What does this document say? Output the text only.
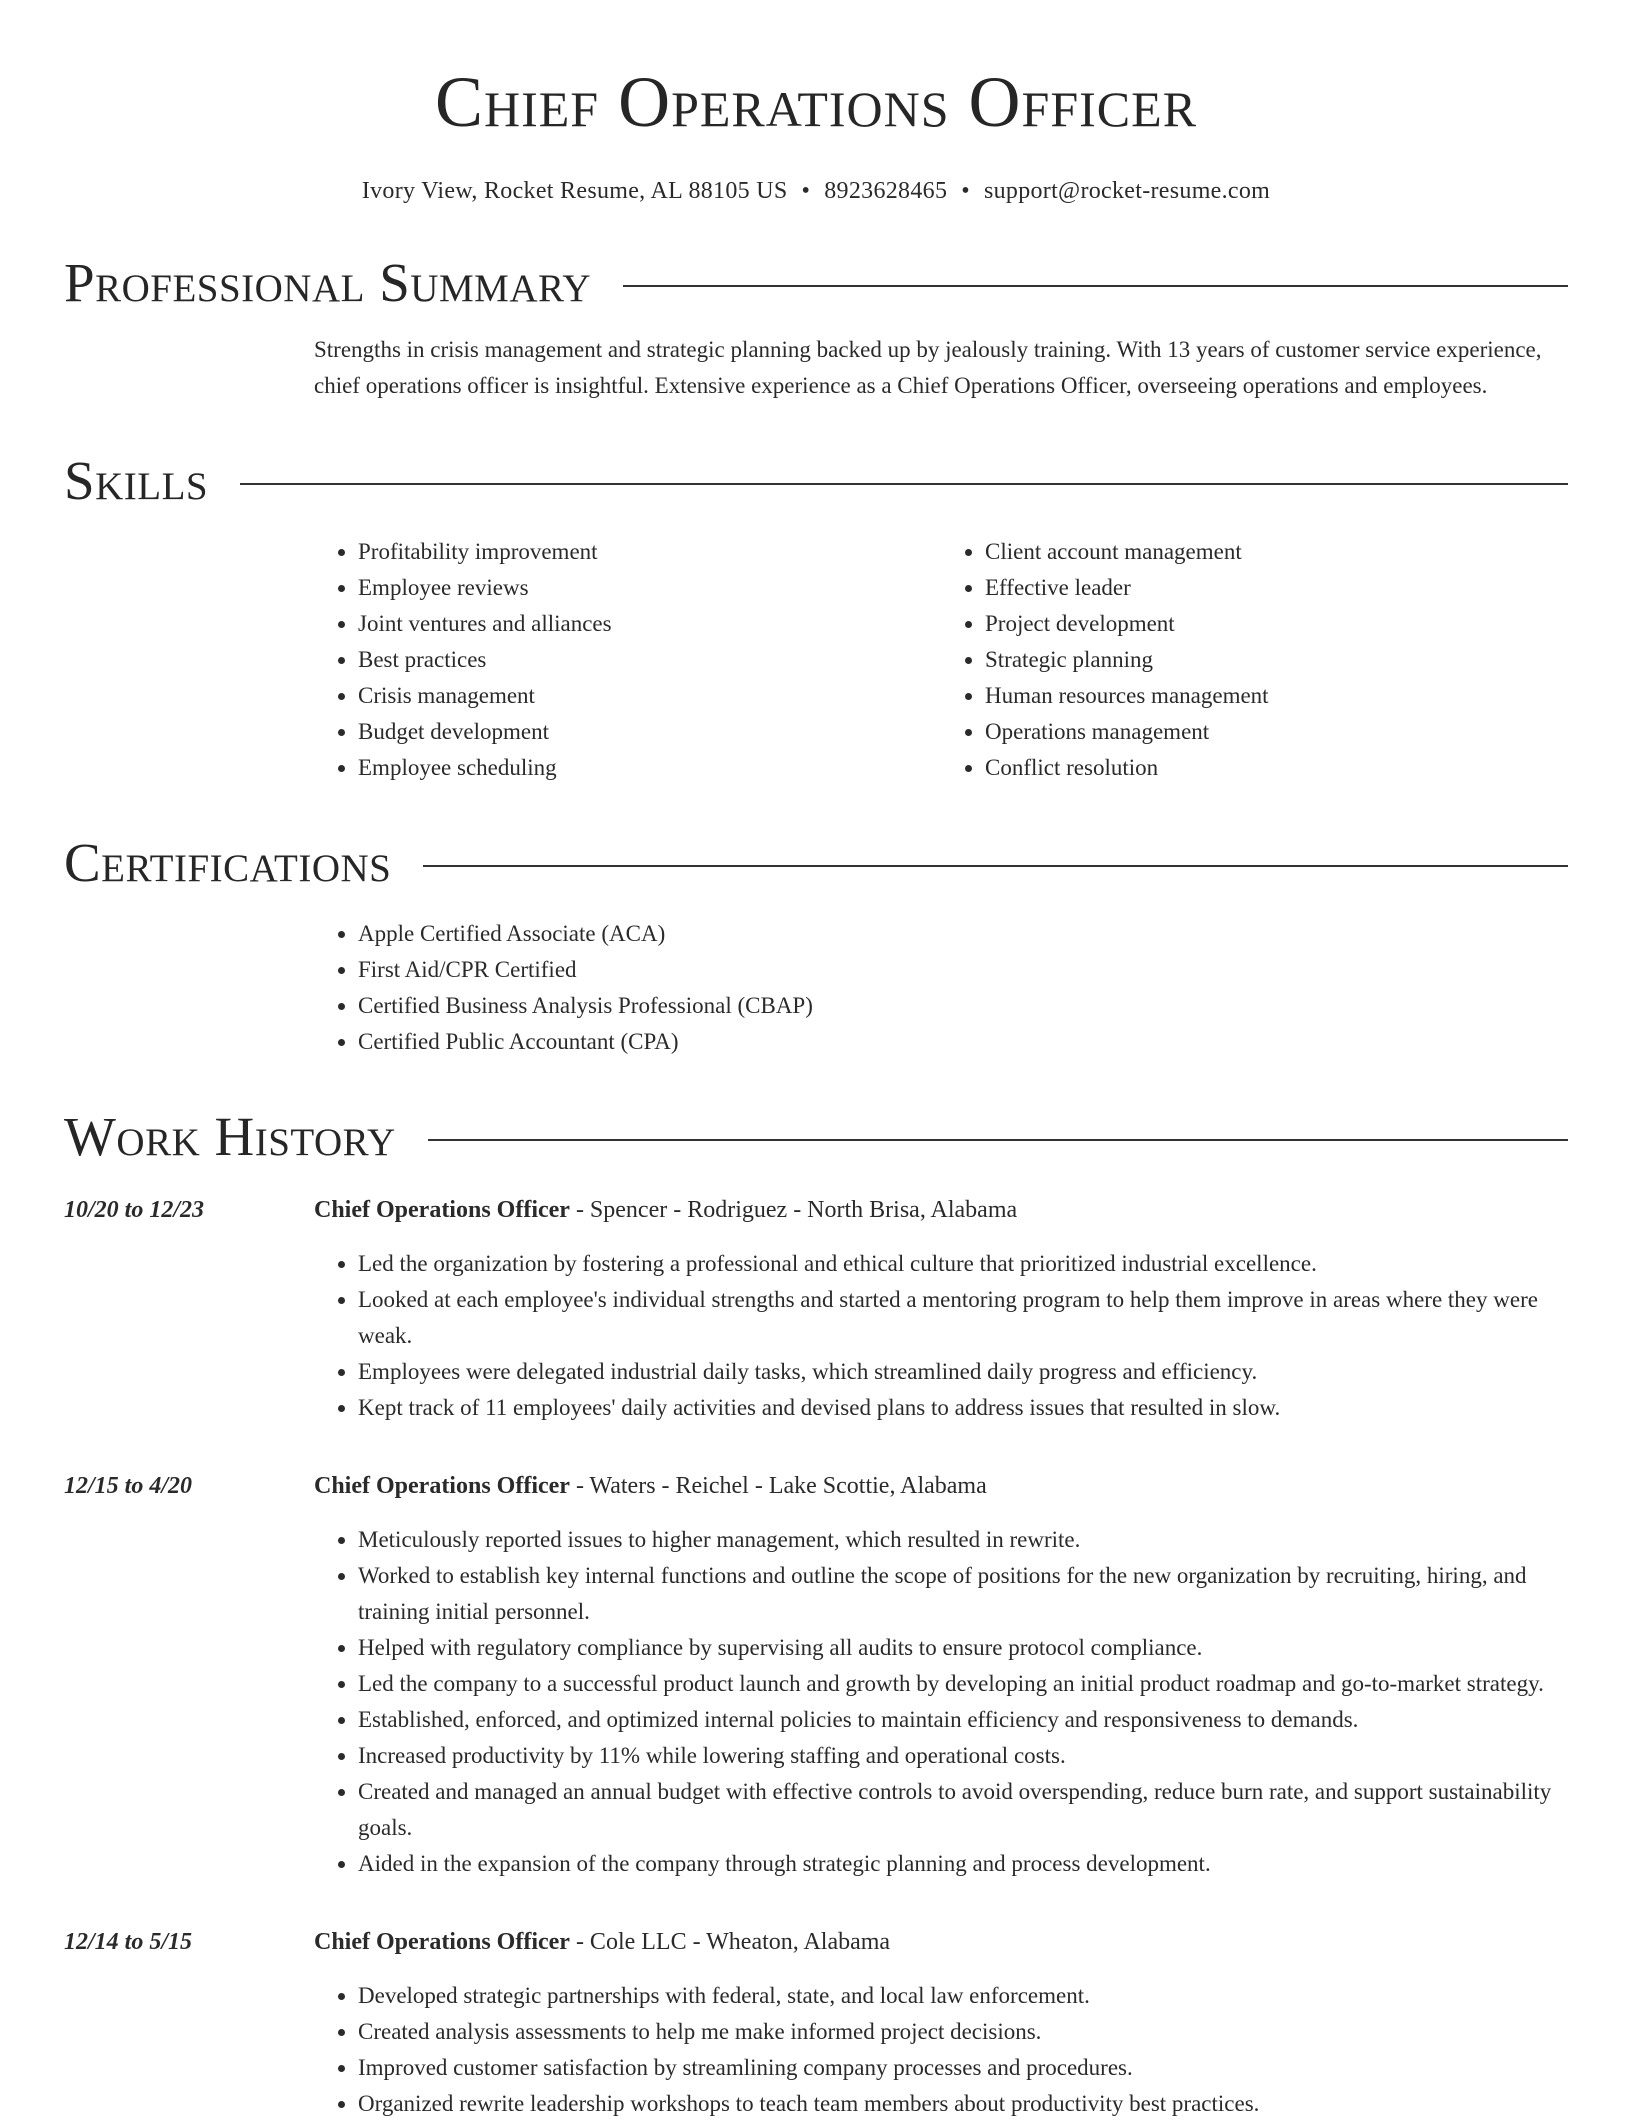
Chief Operations Officer
Ivory View, Rocket Resume, AL 88105 US • 8923628465 • support@rocket-resume.com
Professional Summary

Strengths in crisis management and strategic planning backed up by jealously training. With 13 years of customer service experience, chief operations officer is insightful. Extensive experience as a Chief Operations Officer, overseeing operations and employees.

Skills
• Profitability improvement
• Employee reviews
• Joint ventures and alliances
• Best practices
• Crisis management
• Budget development
• Employee scheduling
• Client account management
• Effective leader
• Project development
• Strategic planning
• Human resources management
• Operations management
• Conflict resolution
Certifications
• Apple Certified Associate (ACA)
• First Aid/CPR Certified
• Certified Business Analysis Professional (CBAP)
• Certified Public Accountant (CPA)
Work History
10/20 to 12/23	Chief Operations Officer - Spencer - Rodriguez - North Brisa, Alabama
• Led the organization by fostering a professional and ethical culture that prioritized industrial excellence.
• Looked at each employee's individual strengths and started a mentoring program to help them improve in areas where they were weak.
• Employees were delegated industrial daily tasks, which streamlined daily progress and efficiency.
• Kept track of 11 employees' daily activities and devised plans to address issues that resulted in slow.
12/15 to 4/20	Chief Operations Officer - Waters - Reichel - Lake Scottie, Alabama
• Meticulously reported issues to higher management, which resulted in rewrite.
• Worked to establish key internal functions and outline the scope of positions for the new organization by recruiting, hiring, and training initial personnel.
• Helped with regulatory compliance by supervising all audits to ensure protocol compliance.
• Led the company to a successful product launch and growth by developing an initial product roadmap and go-to-market strategy.
• Established, enforced, and optimized internal policies to maintain efficiency and responsiveness to demands.
• Increased productivity by 11% while lowering staffing and operational costs.
• Created and managed an annual budget with effective controls to avoid overspending, reduce burn rate, and support sustainability goals.
• Aided in the expansion of the company through strategic planning and process development.
12/14 to 5/15	Chief Operations Officer - Cole LLC - Wheaton, Alabama
• Developed strategic partnerships with federal, state, and local law enforcement.
• Created analysis assessments to help me make informed project decisions.
• Improved customer satisfaction by streamlining company processes and procedures.
• Organized rewrite leadership workshops to teach team members about productivity best practices.
